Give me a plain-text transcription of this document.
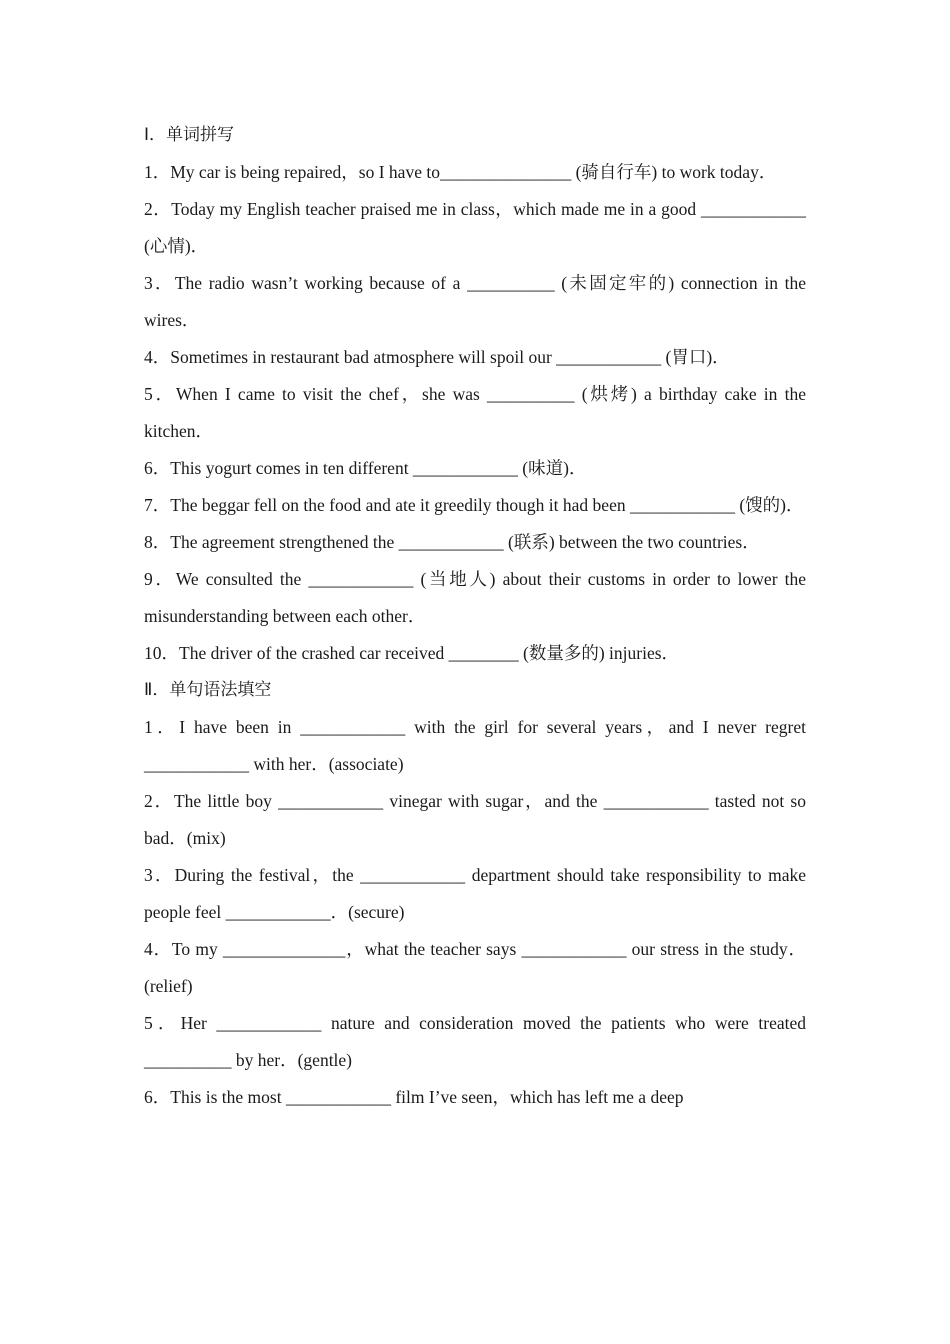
Ⅰ．单词拼写

1．My car is being repaired，so I have to_______________ (骑自行车) to work today．

2．Today my English teacher praised me in class，which made me in a good ____________ (心情)．

3．The radio wasn’t working because of a __________ (未固定牢的) connection in the wires．

4．Sometimes in restaurant bad atmosphere will spoil our ____________ (胃口)．

5．When I came to visit the chef，she was __________ (烘烤) a birthday cake in the kitchen．

6．This yogurt comes in ten different ____________ (味道)．

7．The beggar fell on the food and ate it greedily though it had been ____________ (馊的)．

8．The agreement strengthened the ____________ (联系) between the two countries．

9．We consulted the ____________ (当地人) about their customs in order to lower the misunderstanding between each other．

10．The driver of the crashed car received ________ (数量多的) injuries．

Ⅱ．单句语法填空

1．I have been in ____________ with the girl for several years，and I never regret ____________ with her．(associate)

2．The little boy ____________ vinegar with sugar，and the ____________ tasted not so bad．(mix)

3．During the festival，the ____________ department should take responsibility to make people feel ____________．(secure)

4．To my ______________，what the teacher says ____________ our stress in the study．(relief)

5．Her ____________ nature and consideration moved the patients who were treated __________ by her．(gentle)

6．This is the most ____________ film I’ve seen，which has left me a deep
